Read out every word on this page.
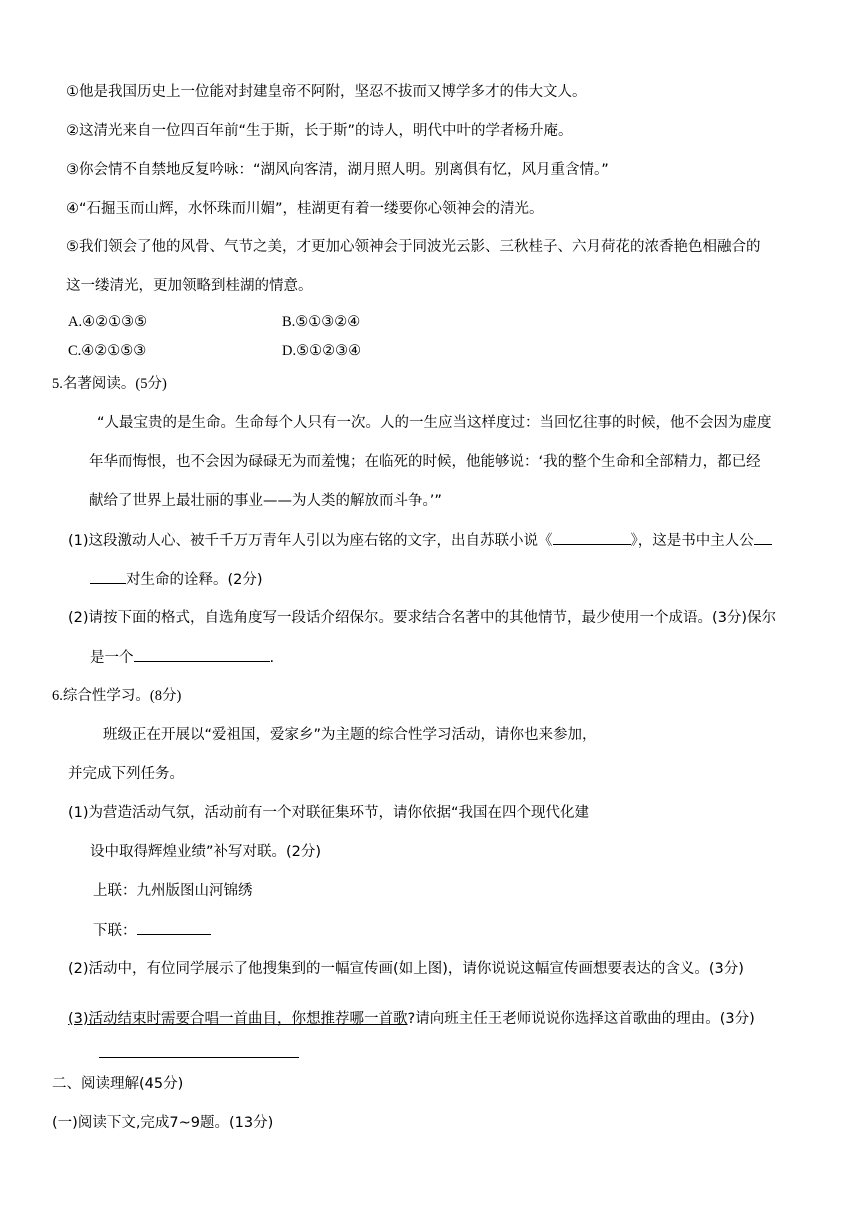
①他是我国历史上一位能对封建皇帝不阿附，坚忍不拔而又博学多才的伟大文人。
②这清光来自一位四百年前“生于斯，长于斯”的诗人，明代中叶的学者杨升庵。
③你会情不自禁地反复吟咏：“湖风向客清，湖月照人明。别离俱有忆，风月重含情。”
④“石掘玉而山辉，水怀珠而川媚”，桂湖更有着一缕要你心领神会的清光。
⑤我们领会了他的风骨、气节之美，才更加心领神会于同波光云影、三秋桂子、六月荷花的浓香艳色相融合的
这一缕清光，更加领略到桂湖的情意。
A.④②①③⑤	B.⑤①③②④
C.④②①⑤③	D.⑤①②③④
5.名著阅读。(5分)
“人最宝贵的是生命。生命每个人只有一次。人的一生应当这样度过：当回忆往事的时候，他不会因为虚度
年华而悔恨，也不会因为碌碌无为而羞愧；在临死的时候，他能够说：‘我的整个生命和全部精力，都已经
献给了世界上最壮丽的事业——为人类的解放而斗争。’”
(1)这段激动人心、被千千万万青年人引以为座右铭的文字，出自苏联小说《	》，这是书中主人公
对生命的诠释。(2分)
(2)请按下面的格式，自选角度写一段话介绍保尔。要求结合名著中的其他情节，最少使用一个成语。(3分)保尔
是一个	.
6.综合性学习。(8分)
班级正在开展以“爱祖国，爱家乡”为主题的综合性学习活动，请你也来参加，
并完成下列任务。
(1)为营造活动气氛，活动前有一个对联征集环节，请你依据“我国在四个现代化建
设中取得辉煌业绩”补写对联。(2分)
上联：九州版图山河锦绣
下联：
(2)活动中，有位同学展示了他搜集到的一幅宣传画(如上图)，请你说说这幅宣传画想要表达的含义。(3分)
(3)活动结束时需要合唱一首曲目，你想推荐哪一首歌?请向班主任王老师说说你选择这首歌曲的理由。(3分)
二、阅读理解(45分)
(一)阅读下文,完成7~9题。(13分)
